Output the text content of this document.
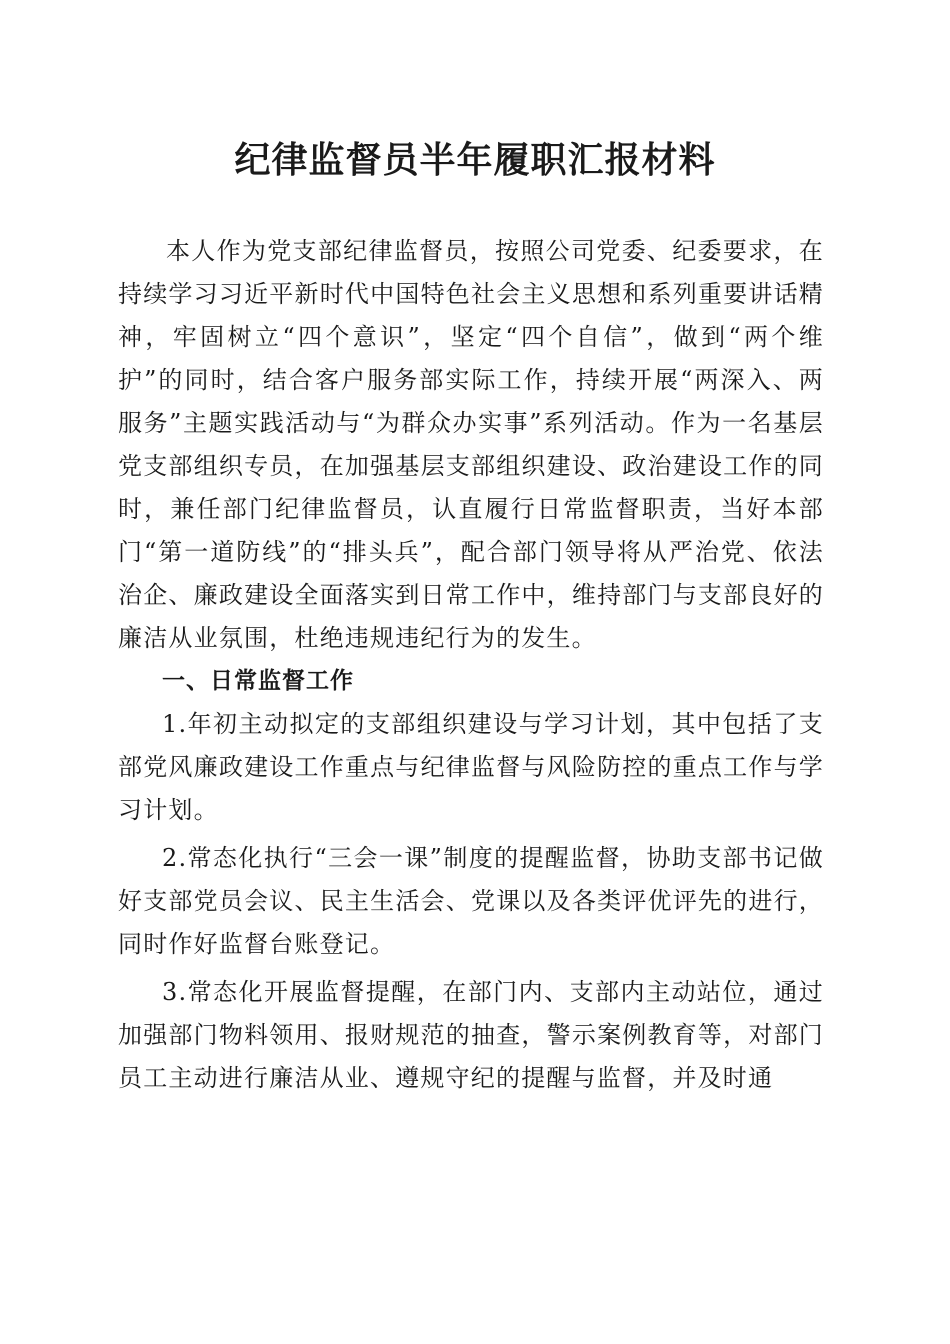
纪律监督员半年履职汇报材料

本人作为党支部纪律监督员，按照公司党委、纪委要求，在持续学习习近平新时代中国特色社会主义思想和系列重要讲话精神，牢固树立“四个意识”，坚定“四个自信”，做到“两个维护”的同时，结合客户服务部实际工作，持续开展“两深入、两服务”主题实践活动与“为群众办实事”系列活动。作为一名基层党支部组织专员，在加强基层支部组织建设、政治建设工作的同时，兼任部门纪律监督员，认直履行日常监督职责，当好本部门“第一道防线”的“排头兵”，配合部门领导将从严治党、依法治企、廉政建设全面落实到日常工作中，维持部门与支部良好的廉洁从业氛围，杜绝违规违纪行为的发生。

一、日常监督工作

1.年初主动拟定的支部组织建设与学习计划，其中包括了支部党风廉政建设工作重点与纪律监督与风险防控的重点工作与学习计划。

2.常态化执行“三会一课”制度的提醒监督，协助支部书记做好支部党员会议、民主生活会、党课以及各类评优评先的进行，同时作好监督台账登记。

3.常态化开展监督提醒，在部门内、支部内主动站位，通过加强部门物料领用、报财规范的抽查，警示案例教育等，对部门员工主动进行廉洁从业、遵规守纪的提醒与监督，并及时通
